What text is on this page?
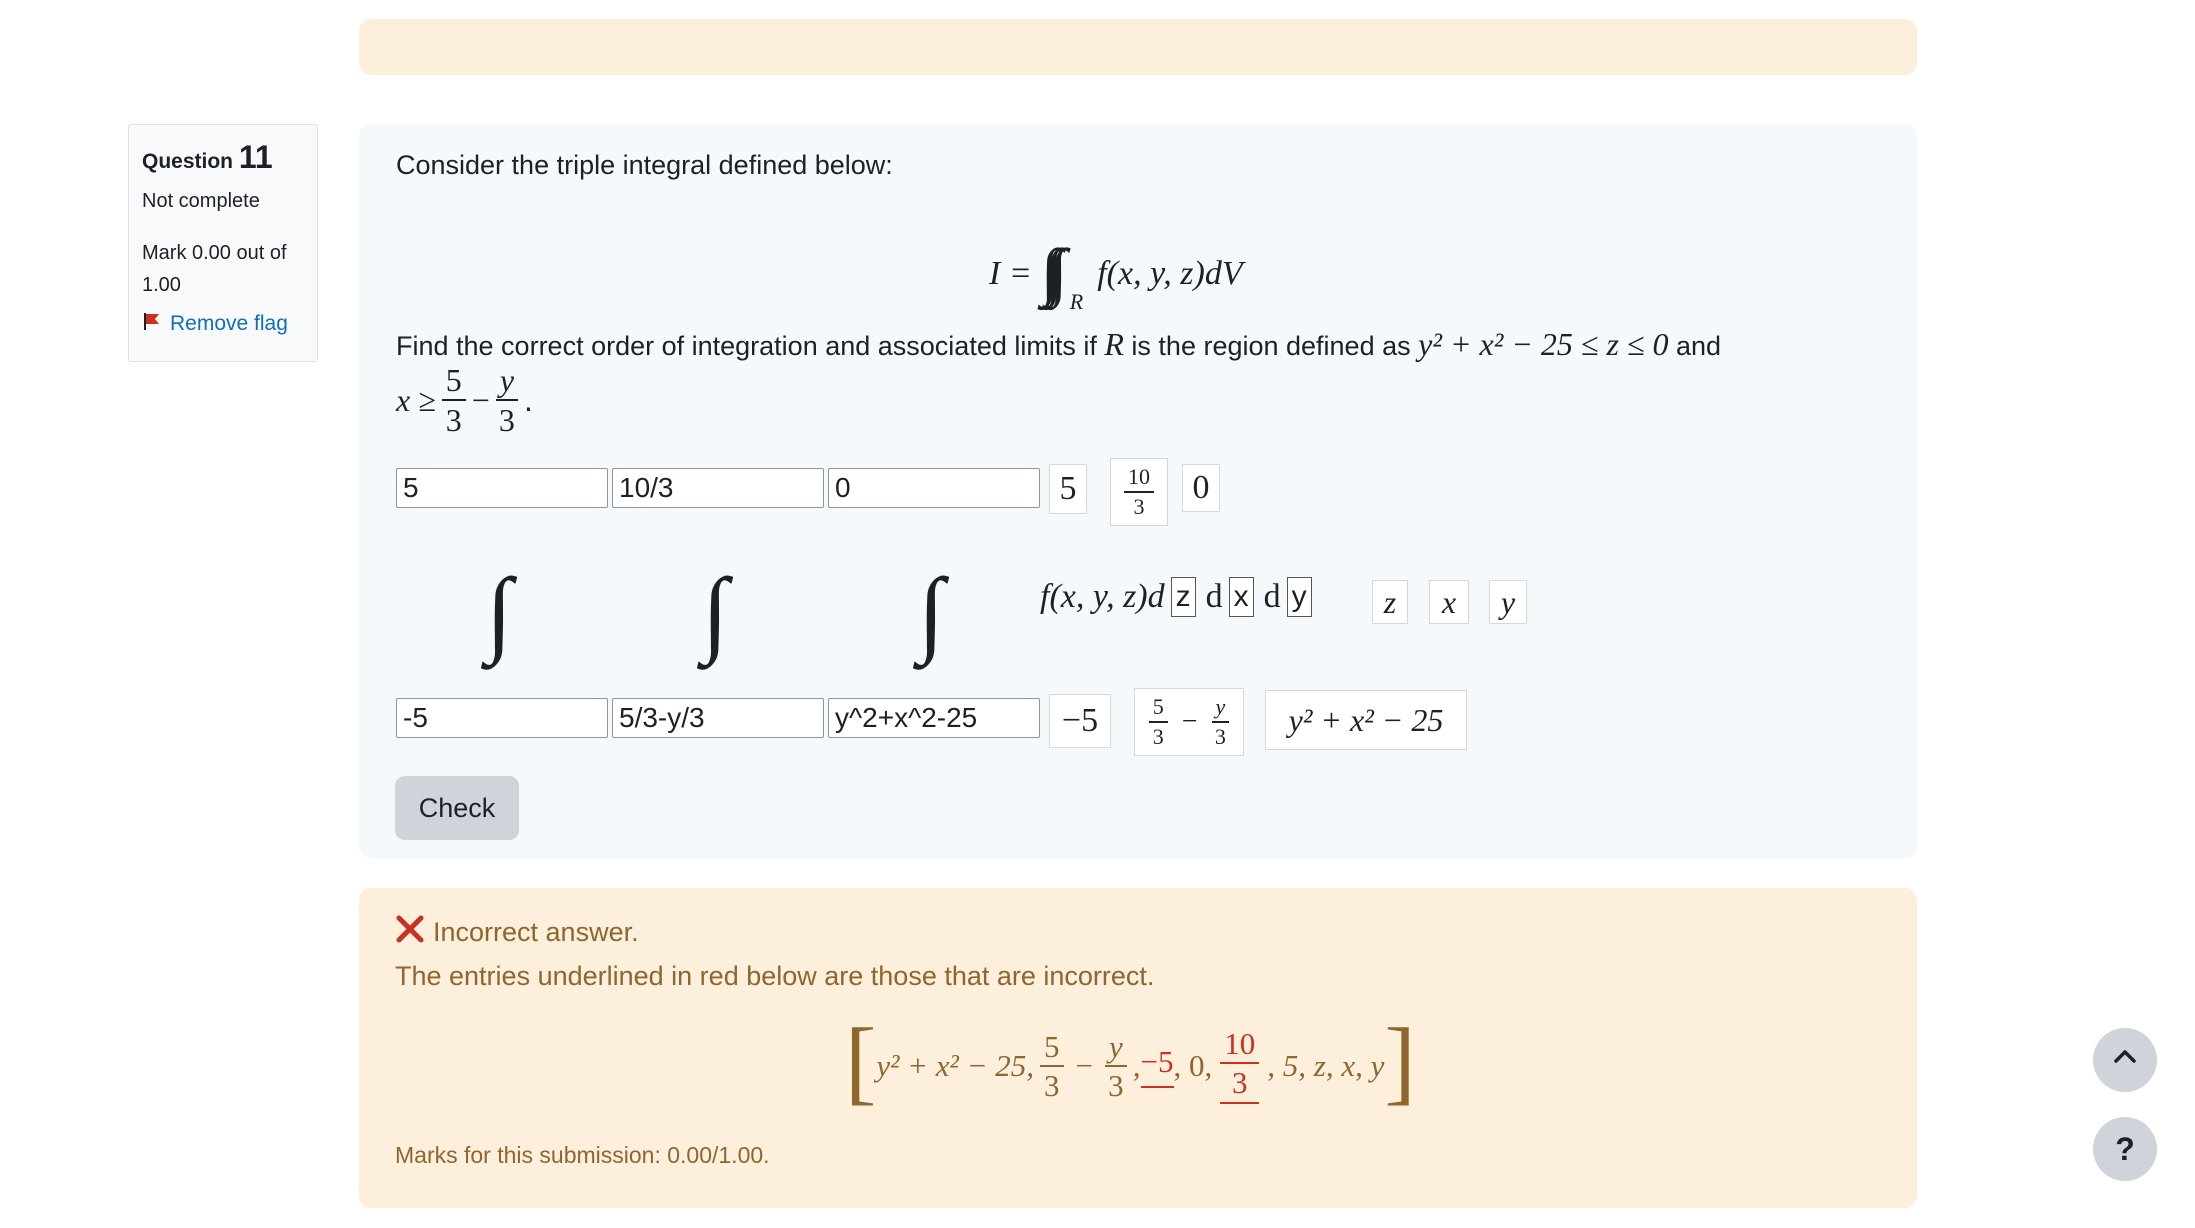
Question 11
Not complete
Mark 0.00 out of 1.00
Remove flag
Consider the triple integral defined below:
I =
R
f(x, y, z)dV
Find the correct order of integration and associated limits if R is the region defined as y² + x² − 25 ≤ z ≤ 0 and
$x \ge \frac{5}{3} - \frac{y}{3}$ .
5
10/3
0
5	$\frac{10}{3}$	0
∫ ∫ ∫	f(x, y, z)d z d x d y	z	x	y
-5
5/3-y/3
y^2+x^2-25
−5	$\frac{5}{3} - \frac{y}{3}$	y² + x² − 25
Check
Incorrect answer.
The entries underlined in red below are those that are incorrect.
[ y² + x² − 25, $\frac{5}{3} - \frac{y}{3}$ , −5 , 0, $\frac{10}{3}$ , 5, z, x, y ]
Marks for this submission: 0.00/1.00.	?
